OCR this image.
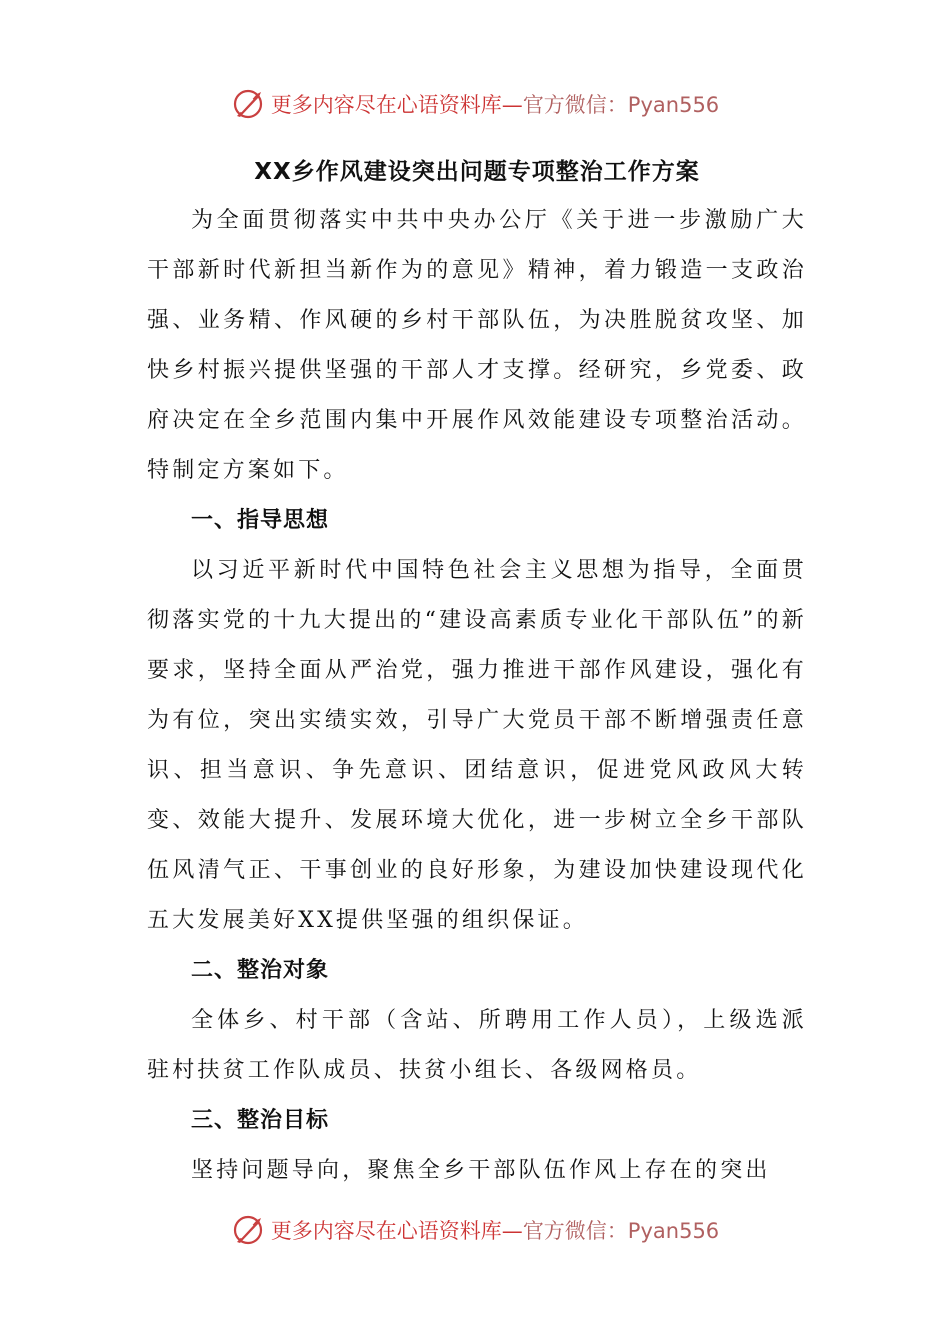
更多内容尽在心语资料库—官方微信：Pyan556
XX乡作风建设突出问题专项整治工作方案

为全面贯彻落实中共中央办公厅《关于进一步激励广大干部新时代新担当新作为的意见》精神，着力锻造一支政治强、业务精、作风硬的乡村干部队伍，为决胜脱贫攻坚、加快乡村振兴提供坚强的干部人才支撑。经研究，乡党委、政府决定在全乡范围内集中开展作风效能建设专项整治活动。特制定方案如下。

一、指导思想

以习近平新时代中国特色社会主义思想为指导，全面贯彻落实党的十九大提出的“建设高素质专业化干部队伍”的新要求，坚持全面从严治党，强力推进干部作风建设，强化有为有位，突出实绩实效，引导广大党员干部不断增强责任意识、担当意识、争先意识、团结意识，促进党风政风大转变、效能大提升、发展环境大优化，进一步树立全乡干部队伍风清气正、干事创业的良好形象，为建设加快建设现代化五大发展美好XX提供坚强的组织保证。

二、整治对象

全体乡、村干部（含站、所聘用工作人员），上级选派驻村扶贫工作队成员、扶贫小组长、各级网格员。

三、整治目标

坚持问题导向，聚焦全乡干部队伍作风上存在的突出

更多内容尽在心语资料库—官方微信：Pyan556
